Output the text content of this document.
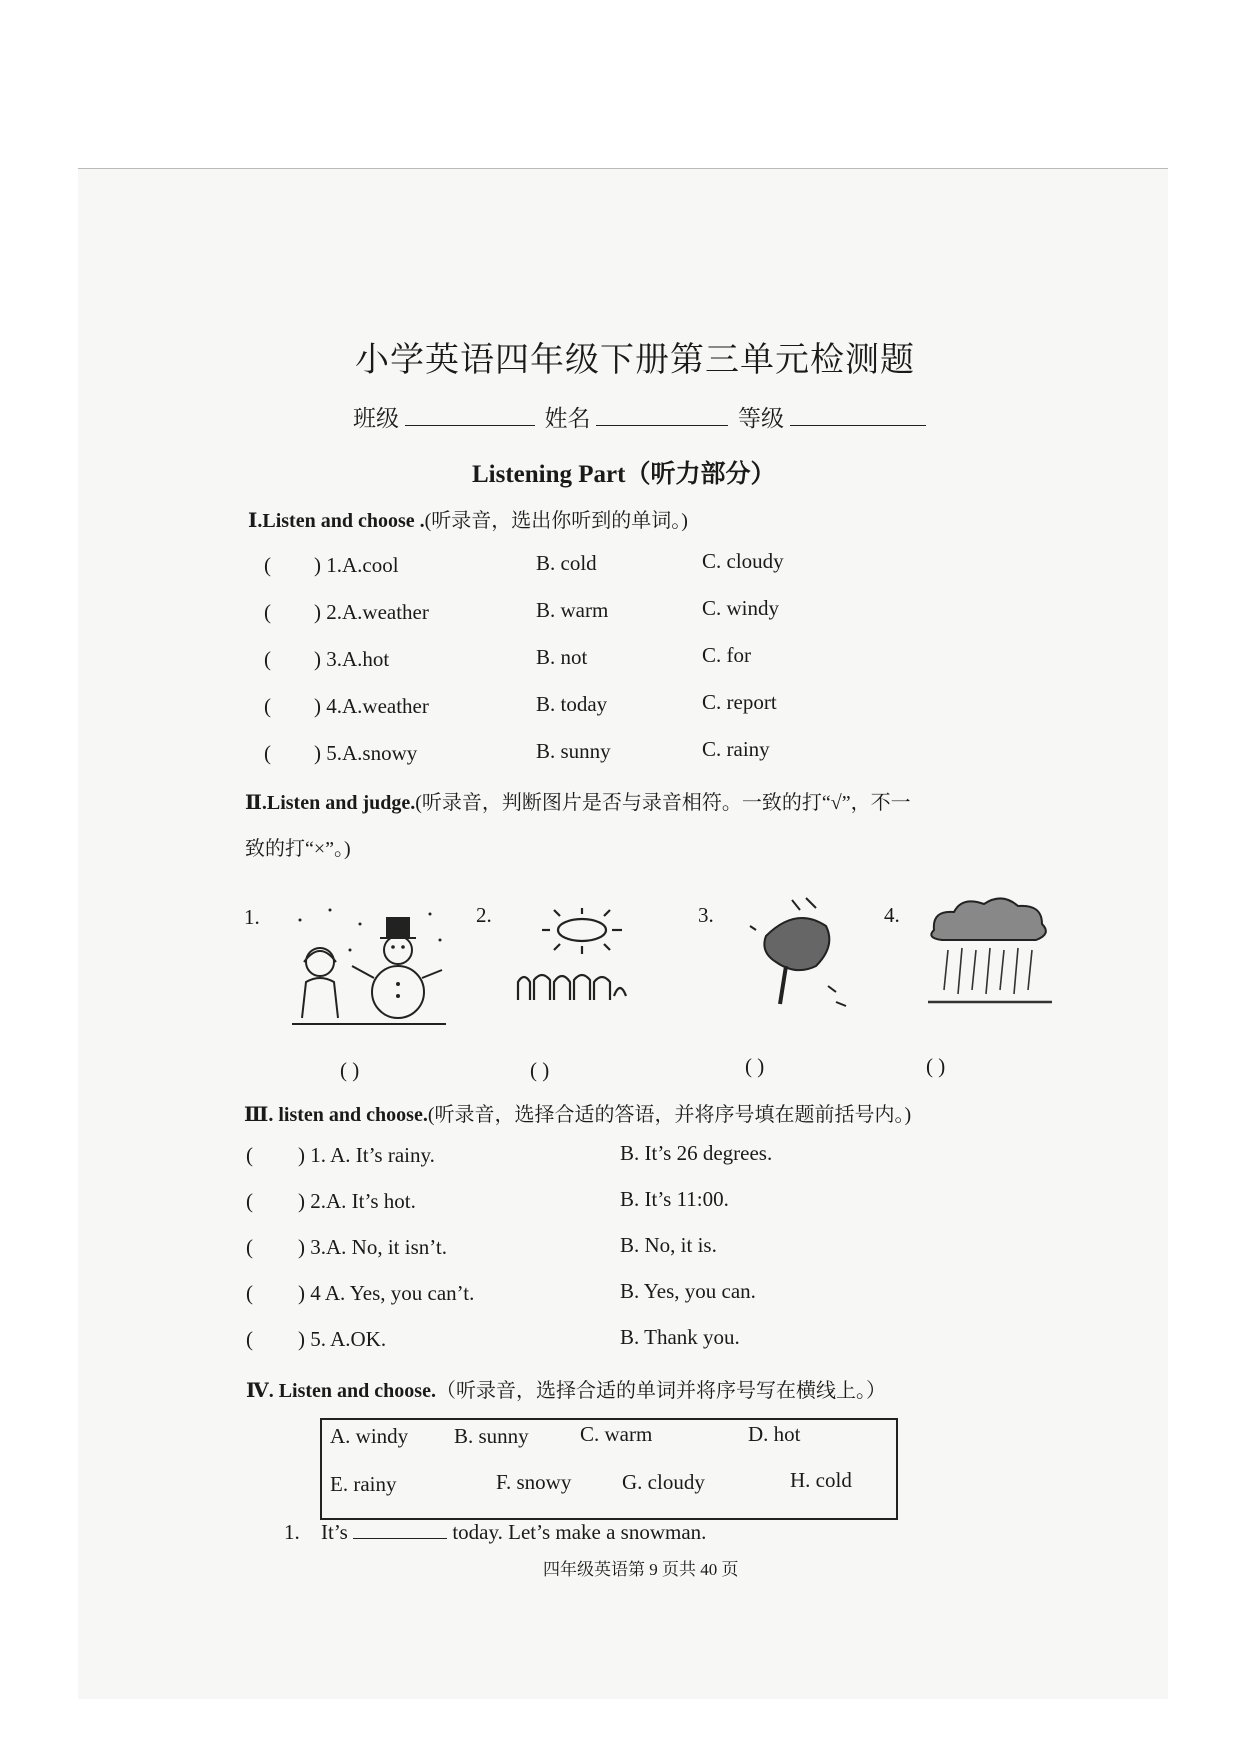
小学英语四年级下册第三单元检测题
班级	姓名	等级
Listening Part（听力部分）
Ⅰ.Listen and choose .(听录音，选出你听到的单词。)
( ) 1.A.cool	B. cold	C. cloudy
( ) 2.A.weather	B. warm	C. windy
( ) 3.A.hot	B. not	C. for
( ) 4.A.weather	B. today	C. report
( ) 5.A.snowy	B. sunny	C. rainy
Ⅱ.Listen and judge.(听录音，判断图片是否与录音相符。一致的打“√”，不一
致的打“×”。)
1.	2.	3.	4.
( )	( )	( )	( )
Ⅲ. listen and choose.(听录音，选择合适的答语，并将序号填在题前括号内。)
( ) 1. A. It’s rainy.	B. It’s 26 degrees.
( ) 2.A. It’s hot.	B. It’s 11:00.
( ) 3.A. No, it isn’t.	B. No, it is.
( ) 4 A. Yes, you can’t.	B. Yes, you can.
( ) 5. A.OK.	B. Thank you.
Ⅳ. Listen and choose.（听录音，选择合适的单词并将序号写在横线上。）
A. windy B. sunny C. warm	D. hot
E. rainy	F. snowy G. cloudy	H. cold
1. It’s	today. Let’s make a snowman.
四年级英语第 9 页共 40 页
